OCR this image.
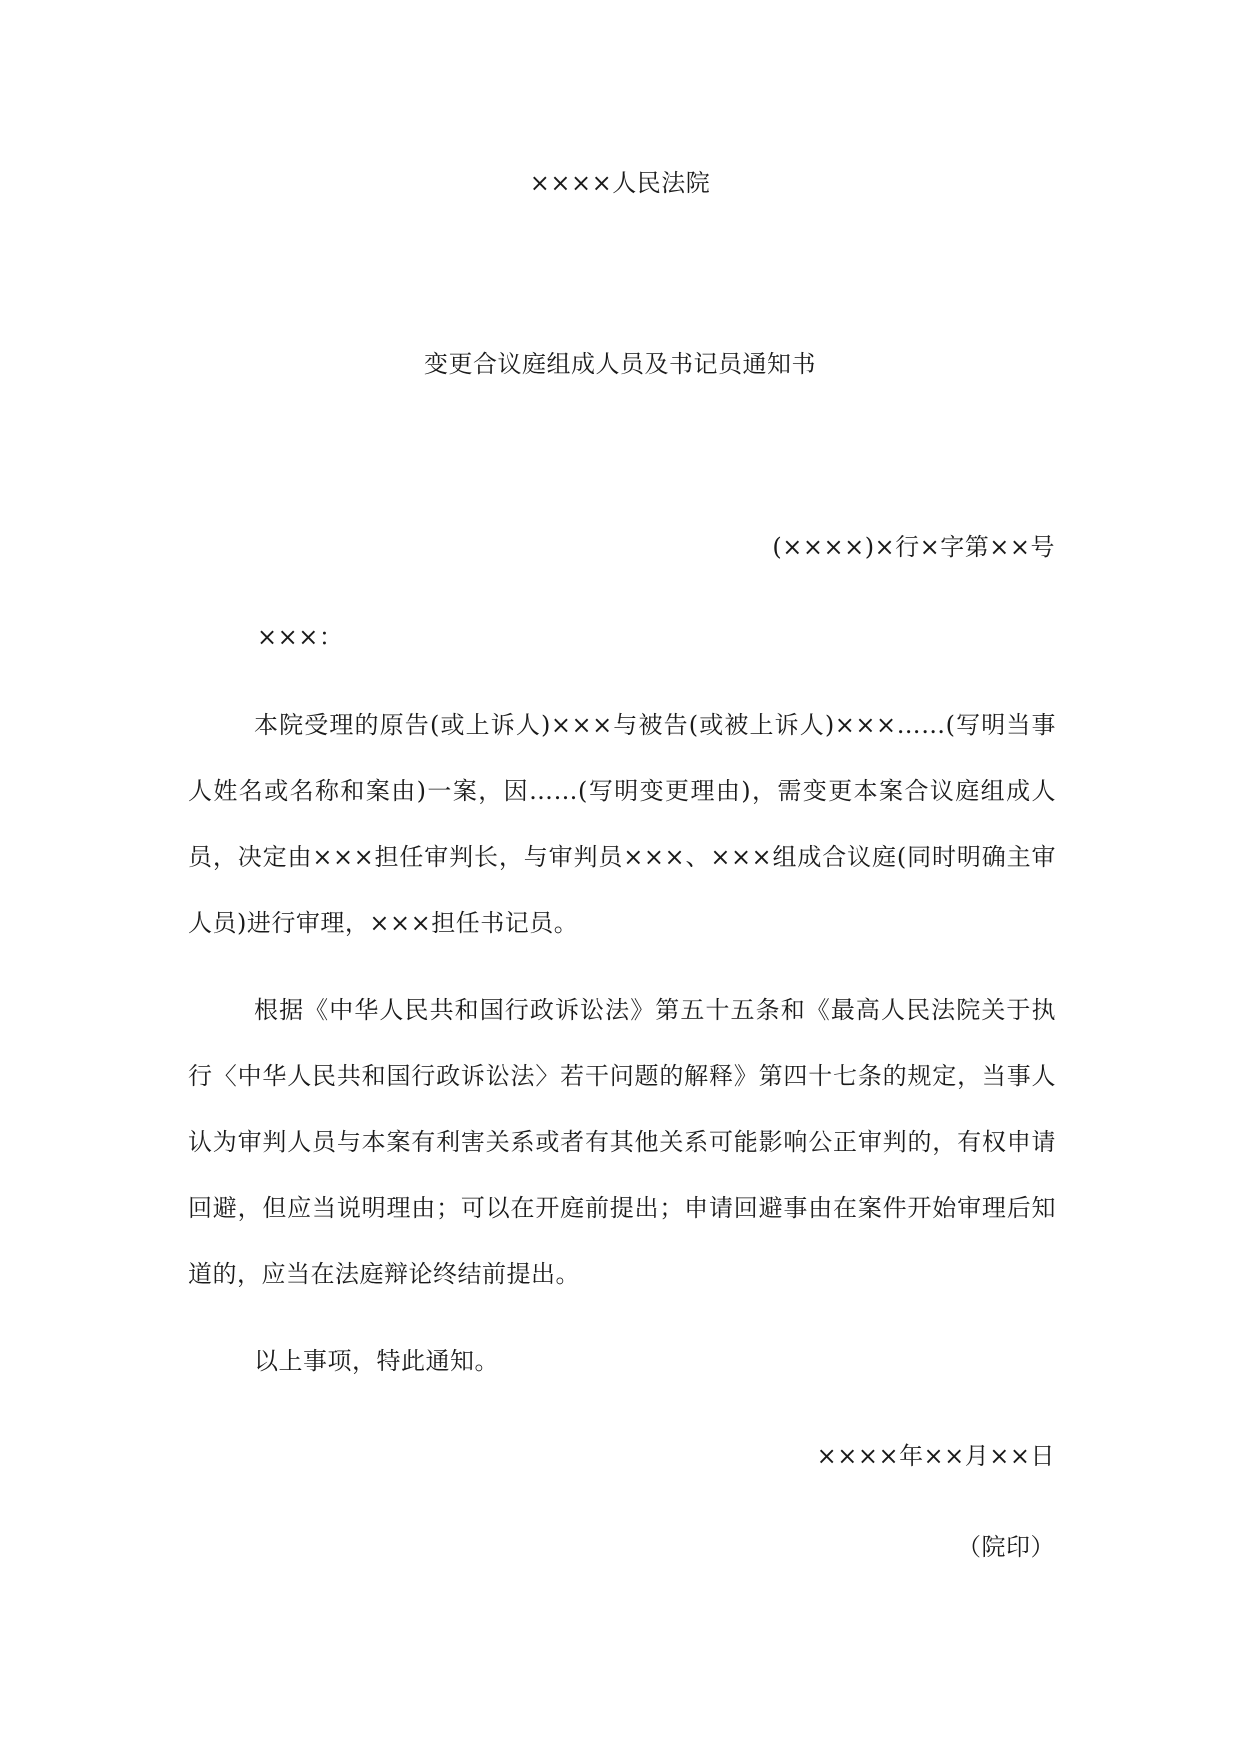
××××人民法院
变更合议庭组成人员及书记员通知书
(××××)×行×字第××号
×××：
本院受理的原告(或上诉人)×××与被告(或被上诉人)×××……(写明当事人姓名或名称和案由)一案，因……(写明变更理由)，需变更本案合议庭组成人员，决定由×××担任审判长，与审判员×××、×××组成合议庭(同时明确主审人员)进行审理，×××担任书记员。
根据《中华人民共和国行政诉讼法》第五十五条和《最高人民法院关于执行〈中华人民共和国行政诉讼法〉若干问题的解释》第四十七条的规定，当事人认为审判人员与本案有利害关系或者有其他关系可能影响公正审判的，有权申请回避，但应当说明理由；可以在开庭前提出；申请回避事由在案件开始审理后知道的，应当在法庭辩论终结前提出。
以上事项，特此通知。
××××年××月××日
（院印）
